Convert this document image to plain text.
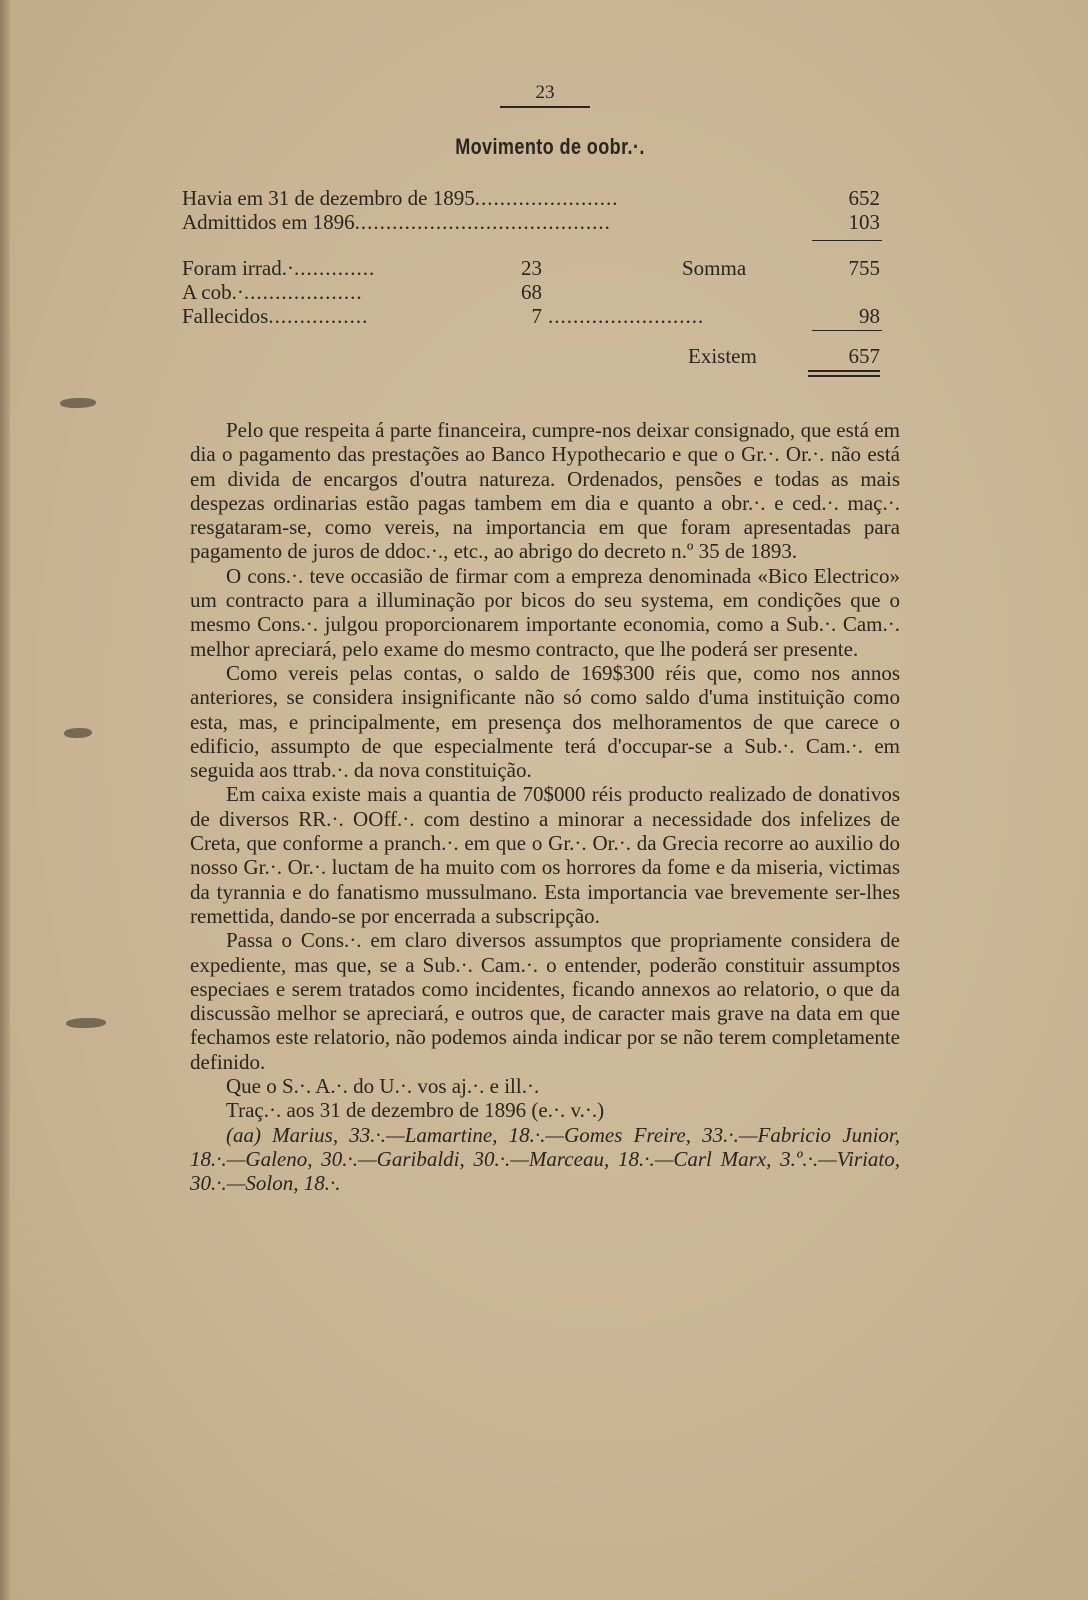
23
Movimento de oobr.·.
Havia em 31 de dezembro de 1895.......................	652
Admittidos em 1896.........................................	103
Foram irrad.·.............	23	Somma	755
A cob.·...................	68
Fallecidos................	7 .........................	98
Existem	657

Pelo que respeita á parte financeira, cumpre-nos deixar consignado, que está em dia o pagamento das prestações ao Banco Hypothecario e que o Gr.·. Or.·. não está em divida de encargos d'outra natureza. Ordenados, pensões e todas as mais despezas ordinarias estão pagas tambem em dia e quanto a obr.·. e ced.·. maç.·. resgataram-se, como vereis, na importancia em que foram apresentadas para pagamento de juros de ddoc.·., etc., ao abrigo do decreto n.º 35 de 1893.

O cons.·. teve occasião de firmar com a empreza denominada «Bico Electrico» um contracto para a illuminação por bicos do seu systema, em condições que o mesmo Cons.·. julgou proporcionarem importante economia, como a Sub.·. Cam.·. melhor apreciará, pelo exame do mesmo contracto, que lhe poderá ser presente.

Como vereis pelas contas, o saldo de 169$300 réis que, como nos annos anteriores, se considera insignificante não só como saldo d'uma instituição como esta, mas, e principalmente, em presença dos melhoramentos de que carece o edificio, assumpto de que especialmente terá d'occupar-se a Sub.·. Cam.·. em seguida aos ttrab.·. da nova constituição.

Em caixa existe mais a quantia de 70$000 réis producto realizado de donativos de diversos RR.·. OOff.·. com destino a minorar a necessidade dos infelizes de Creta, que conforme a pranch.·. em que o Gr.·. Or.·. da Grecia recorre ao auxilio do nosso Gr.·. Or.·. luctam de ha muito com os horrores da fome e da miseria, victimas da tyrannia e do fanatismo mussulmano. Esta importancia vae brevemente ser-lhes remettida, dando-se por encerrada a subscripção.

Passa o Cons.·. em claro diversos assumptos que propriamente considera de expediente, mas que, se a Sub.·. Cam.·. o entender, poderão constituir assumptos especiaes e serem tratados como incidentes, ficando annexos ao relatorio, o que da discussão melhor se apreciará, e outros que, de caracter mais grave na data em que fechamos este relatorio, não podemos ainda indicar por se não terem completamente definido.

Que o S.·. A.·. do U.·. vos aj.·. e ill.·.

Traç.·. aos 31 de dezembro de 1896 (e.·. v.·.)

(aa) Marius, 33.·.—Lamartine, 18.·.—Gomes Freire, 33.·.—Fabricio Junior, 18.·.—Galeno, 30.·.—Garibaldi, 30.·.—Marceau, 18.·.—Carl Marx, 3.º.·.—Viriato, 30.·.—Solon, 18.·.
